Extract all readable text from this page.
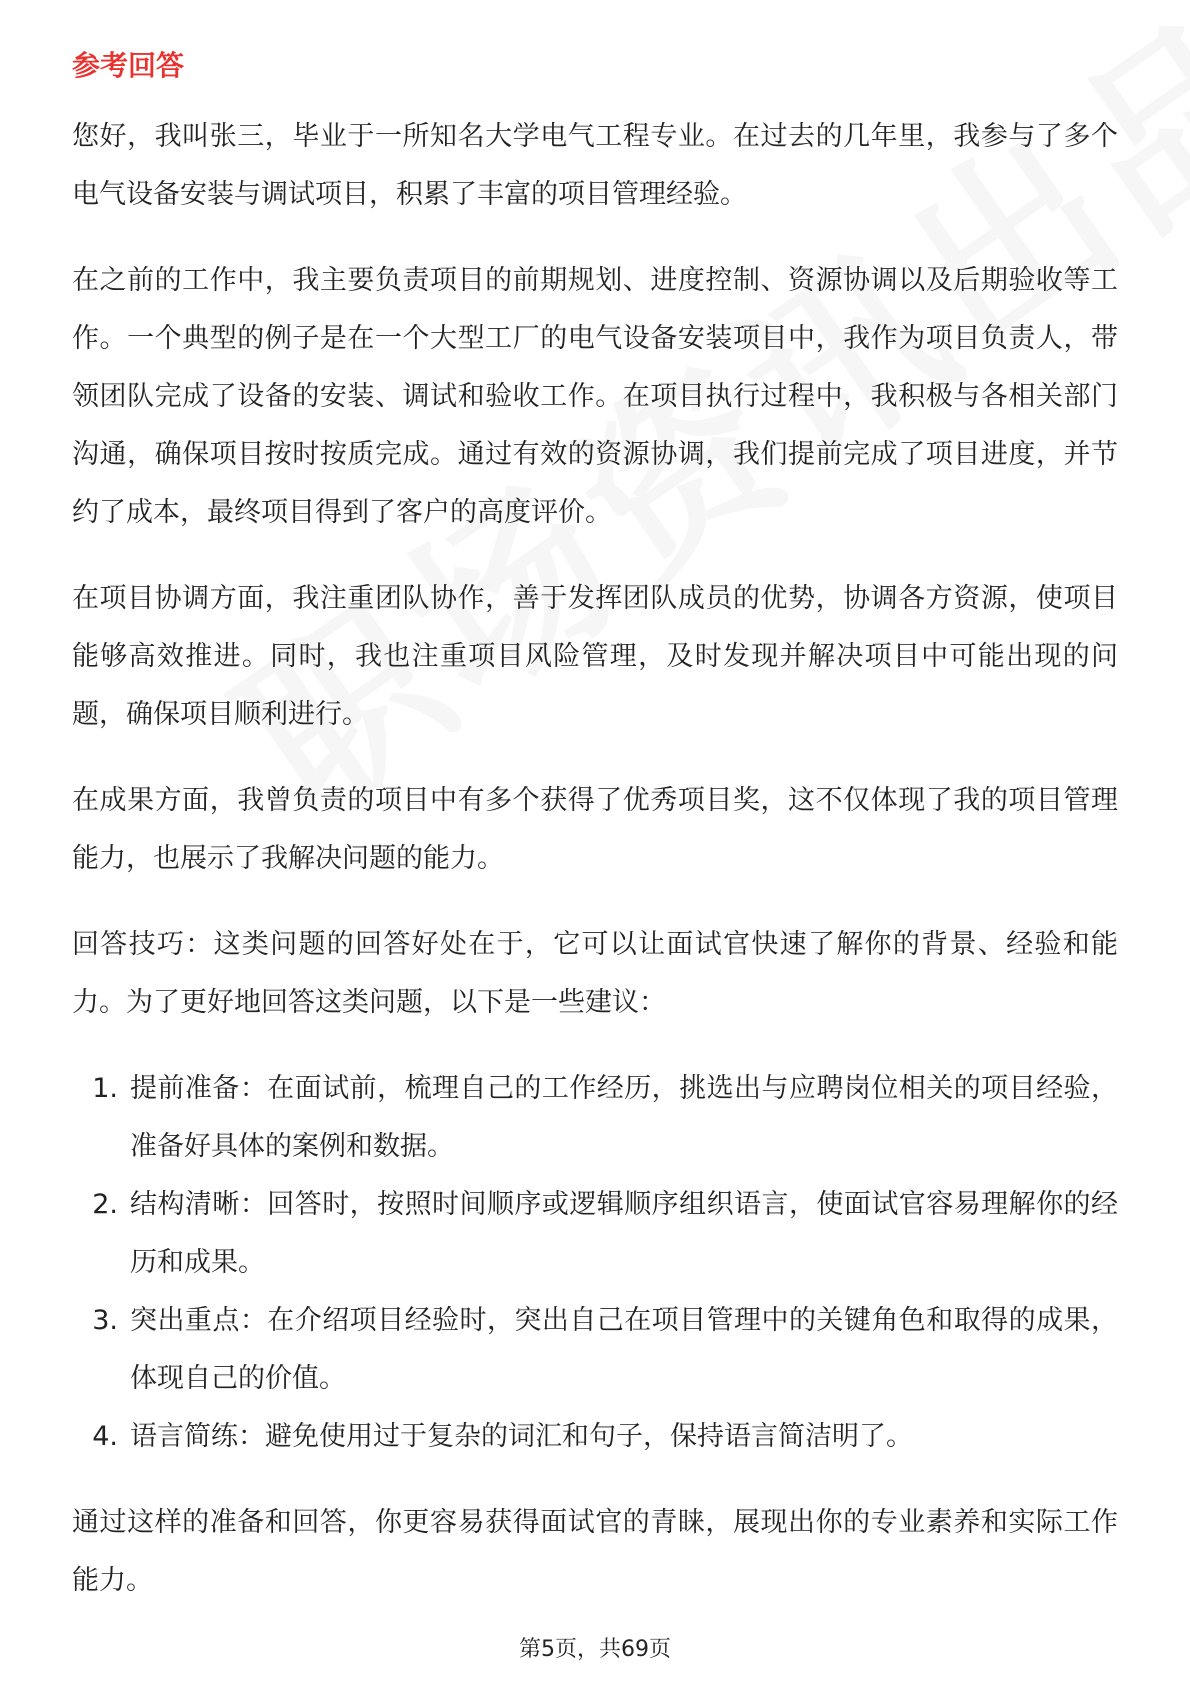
参考回答

您好，我叫张三，毕业于一所知名大学电气工程专业。在过去的几年里，我参与了多个电气设备安装与调试项目，积累了丰富的项目管理经验。

在之前的工作中，我主要负责项目的前期规划、进度控制、资源协调以及后期验收等工作。一个典型的例子是在一个大型工厂的电气设备安装项目中，我作为项目负责人，带领团队完成了设备的安装、调试和验收工作。在项目执行过程中，我积极与各相关部门沟通，确保项目按时按质完成。通过有效的资源协调，我们提前完成了项目进度，并节约了成本，最终项目得到了客户的高度评价。

在项目协调方面，我注重团队协作，善于发挥团队成员的优势，协调各方资源，使项目能够高效推进。同时，我也注重项目风险管理，及时发现并解决项目中可能出现的问题，确保项目顺利进行。

在成果方面，我曾负责的项目中有多个获得了优秀项目奖，这不仅体现了我的项目管理能力，也展示了我解决问题的能力。

回答技巧：这类问题的回答好处在于，它可以让面试官快速了解你的背景、经验和能力。为了更好地回答这类问题，以下是一些建议：

1. 提前准备：在面试前，梳理自己的工作经历，挑选出与应聘岗位相关的项目经验，准备好具体的案例和数据。
2. 结构清晰：回答时，按照时间顺序或逻辑顺序组织语言，使面试官容易理解你的经历和成果。
3. 突出重点：在介绍项目经验时，突出自己在项目管理中的关键角色和取得的成果，体现自己的价值。
4. 语言简练：避免使用过于复杂的词汇和句子，保持语言简洁明了。

通过这样的准备和回答，你更容易获得面试官的青睐，展现出你的专业素养和实际工作能力。

第5页，共69页
